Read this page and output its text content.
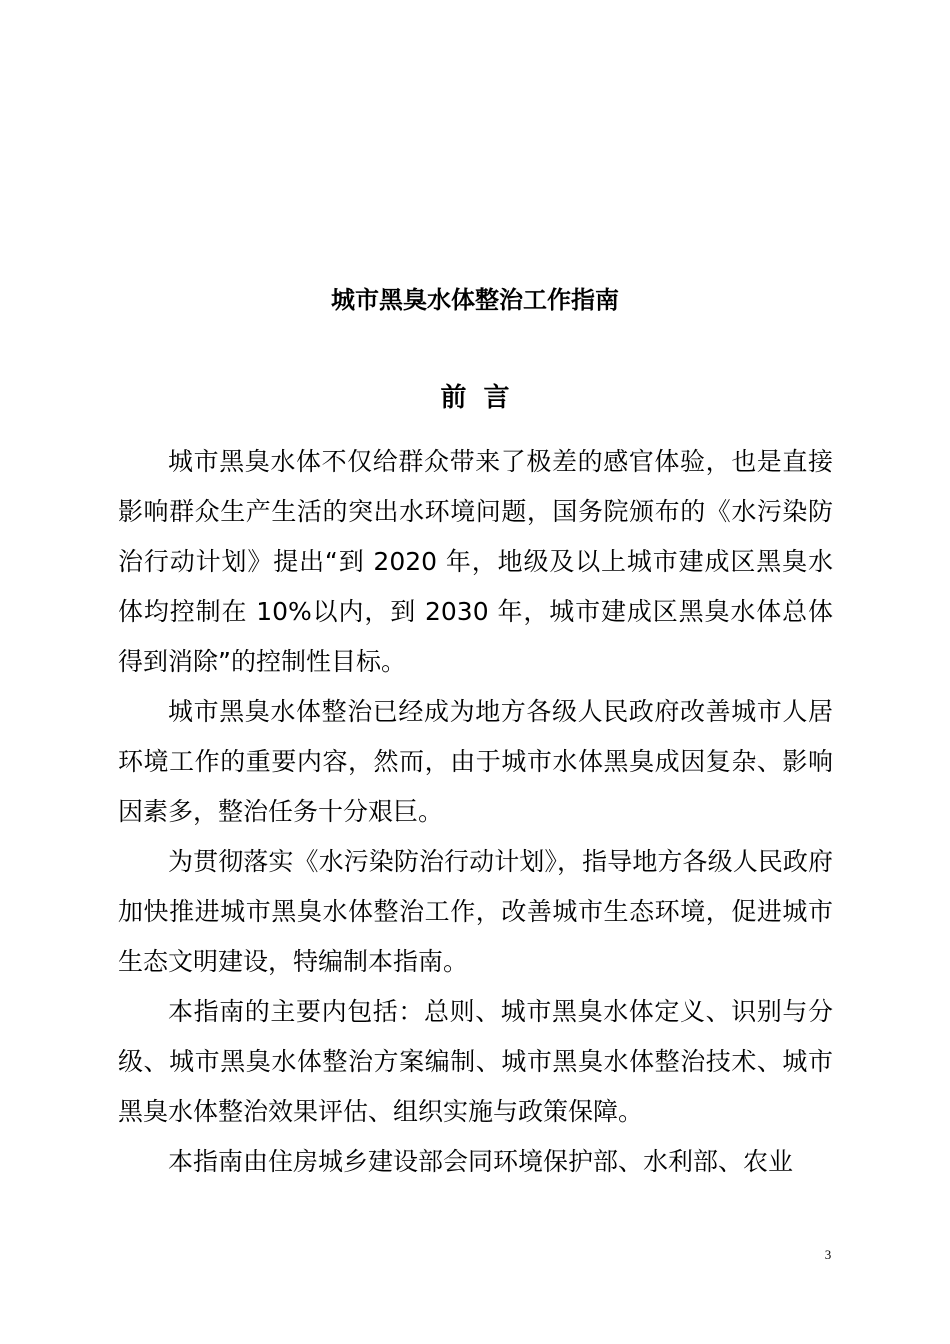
城市黑臭水体整治工作指南
前 言

城市黑臭水体不仅给群众带来了极差的感官体验，也是直接影响群众生产生活的突出水环境问题，国务院颁布的《水污染防治行动计划》提出“到 2020 年，地级及以上城市建成区黑臭水体均控制在 10%以内，到 2030 年，城市建成区黑臭水体总体得到消除”的控制性目标。

城市黑臭水体整治已经成为地方各级人民政府改善城市人居环境工作的重要内容，然而，由于城市水体黑臭成因复杂、影响因素多，整治任务十分艰巨。

为贯彻落实《水污染防治行动计划》，指导地方各级人民政府加快推进城市黑臭水体整治工作，改善城市生态环境，促进城市生态文明建设，特编制本指南。

本指南的主要内包括：总则、城市黑臭水体定义、识别与分级、城市黑臭水体整治方案编制、城市黑臭水体整治技术、城市黑臭水体整治效果评估、组织实施与政策保障。

本指南由住房城乡建设部会同环境保护部、水利部、农业

3
